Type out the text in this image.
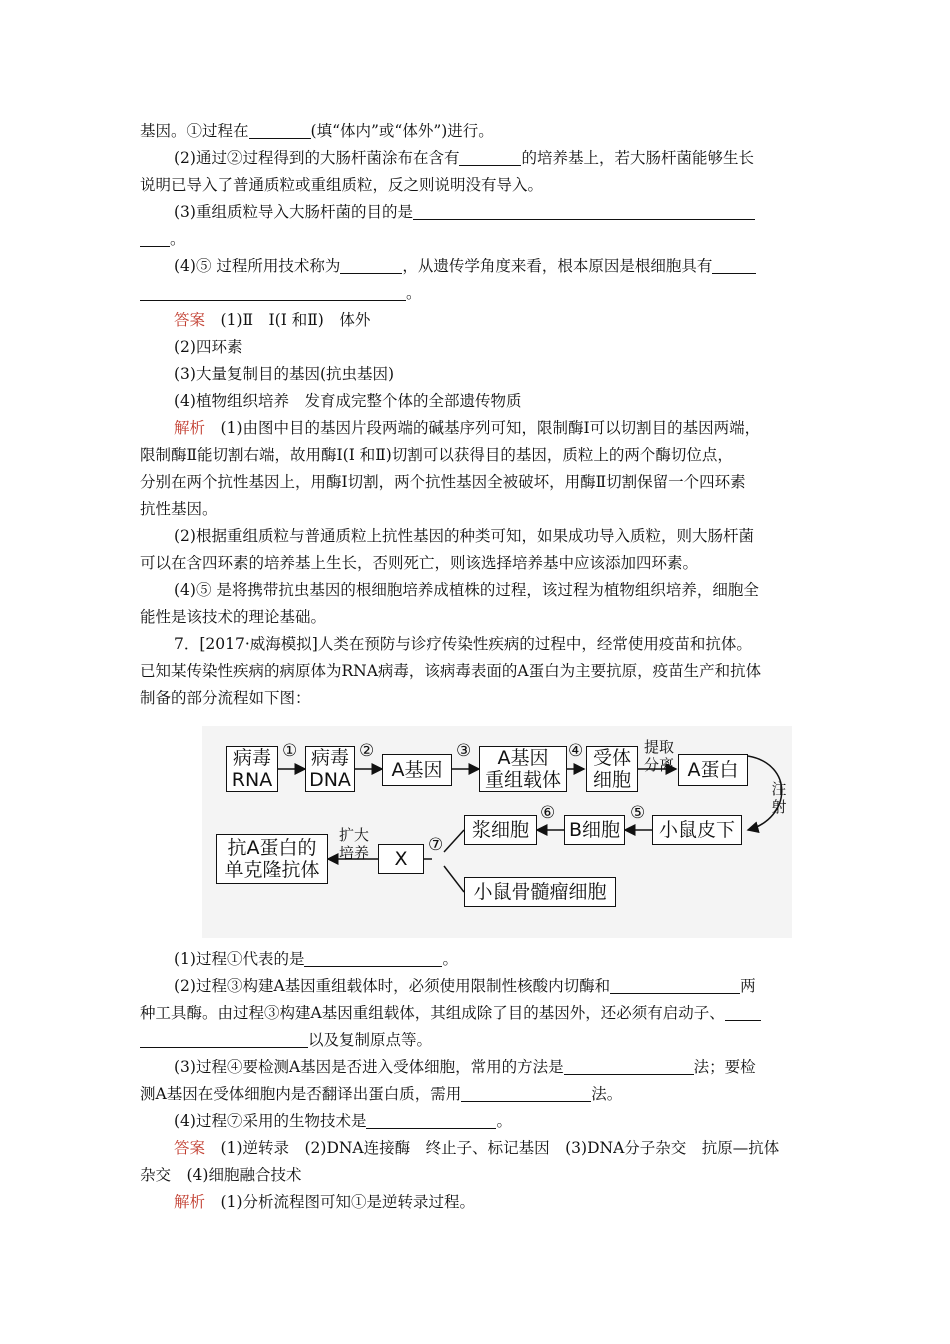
基因。①过程在	(填“体内”或“体外”)进行。

(2)通过②过程得到的大肠杆菌涂布在含有	的培养基上，若大肠杆菌能够生长

说明已导入了普通质粒或重组质粒，反之则说明没有导入。

(3)重组质粒导入大肠杆菌的目的是

。

(4)⑤ 过程所用技术称为	，从遗传学角度来看，根本原因是根细胞具有

。

答案　 (1)Ⅱ　Ⅰ(Ⅰ 和Ⅱ)　体外

(2)四环素

(3)大量复制目的基因(抗虫基因)

(4)植物组织培养　发育成完整个体的全部遗传物质

解析　 (1)由图中目的基因片段两端的碱基序列可知，限制酶Ⅰ可以切割目的基因两端，

限制酶Ⅱ能切割右端，故用酶Ⅰ(Ⅰ 和Ⅱ)切割可以获得目的基因，质粒上的两个酶切位点，

分别在两个抗性基因上，用酶Ⅰ切割，两个抗性基因全被破坏，用酶Ⅱ切割保留一个四环素

抗性基因。

(2)根据重组质粒与普通质粒上抗性基因的种类可知，如果成功导入质粒，则大肠杆菌

可以在含四环素的培养基上生长，否则死亡，则该选择培养基中应该添加四环素。

(4)⑤ 是将携带抗虫基因的根细胞培养成植株的过程，该过程为植物组织培养，细胞全

能性是该技术的理论基础。

7．[2017·威海模拟]人类在预防与诊疗传染性疾病的过程中，经常使用疫苗和抗体。

已知某传染性疾病的病原体为RNA病毒，该病毒表面的A蛋白为主要抗原，疫苗生产和抗体

制备的部分流程如下图：

病毒
RNA
病毒
DNA	A基因
A基因
重组载体
受体
细胞	A蛋白
小鼠皮下
B细胞
浆细胞
小鼠骨髓瘤细胞
X
抗A蛋白的
单克隆抗体
①	②	③	④	提取
分离
注
射
⑤
⑥
⑦
扩大
培养

(1)过程①代表的是	。

(2)过程③构建A基因重组载体时，必须使用限制性核酸内切酶和	两

种工具酶。由过程③构建A基因重组载体，其组成除了目的基因外，还必须有启动子、

以及复制原点等。

(3)过程④要检测A基因是否进入受体细胞，常用的方法是	法；要检

测A基因在受体细胞内是否翻译出蛋白质，需用	法。

(4)过程⑦采用的生物技术是	。

答案　 (1)逆转录　(2)DNA连接酶　终止子、标记基因　(3)DNA分子杂交　抗原—抗体

杂交　(4)细胞融合技术

解析　 (1)分析流程图可知①是逆转录过程。
